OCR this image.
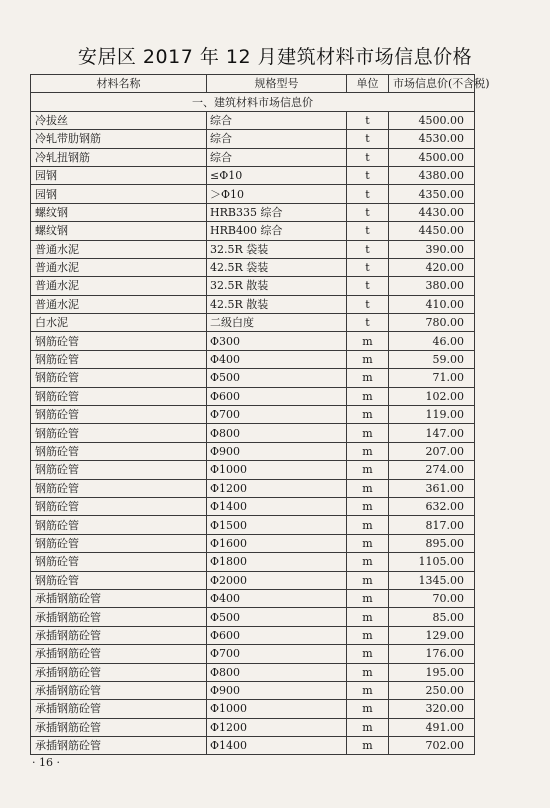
安居区 2017 年 12 月建筑材料市场信息价格
材料名称	规格型号	单位	市场信息价(不含税)
一、建筑材料市场信息价			
冷拔丝	综合	t	4500.00
冷轧带肋钢筋	综合	t	4530.00
冷轧扭钢筋	综合	t	4500.00
园钢	≤Φ10	t	4380.00
园钢	＞Φ10	t	4350.00
螺纹钢	HRB335 综合	t	4430.00
螺纹钢	HRB400 综合	t	4450.00
普通水泥	32.5R 袋装	t	390.00
普通水泥	42.5R 袋装	t	420.00
普通水泥	32.5R 散装	t	380.00
普通水泥	42.5R 散装	t	410.00
白水泥	二级白度	t	780.00
钢筋砼管	Φ300	m	46.00
钢筋砼管	Φ400	m	59.00
钢筋砼管	Φ500	m	71.00
钢筋砼管	Φ600	m	102.00
钢筋砼管	Φ700	m	119.00
钢筋砼管	Φ800	m	147.00
钢筋砼管	Φ900	m	207.00
钢筋砼管	Φ1000	m	274.00
钢筋砼管	Φ1200	m	361.00
钢筋砼管	Φ1400	m	632.00
钢筋砼管	Φ1500	m	817.00
钢筋砼管	Φ1600	m	895.00
钢筋砼管	Φ1800	m	1105.00
钢筋砼管	Φ2000	m	1345.00
承插钢筋砼管	Φ400	m	70.00
承插钢筋砼管	Φ500	m	85.00
承插钢筋砼管	Φ600	m	129.00
承插钢筋砼管	Φ700	m	176.00
承插钢筋砼管	Φ800	m	195.00
承插钢筋砼管	Φ900	m	250.00
承插钢筋砼管	Φ1000	m	320.00
承插钢筋砼管	Φ1200	m	491.00
承插钢筋砼管	Φ1400	m	702.00
· 16 ·
